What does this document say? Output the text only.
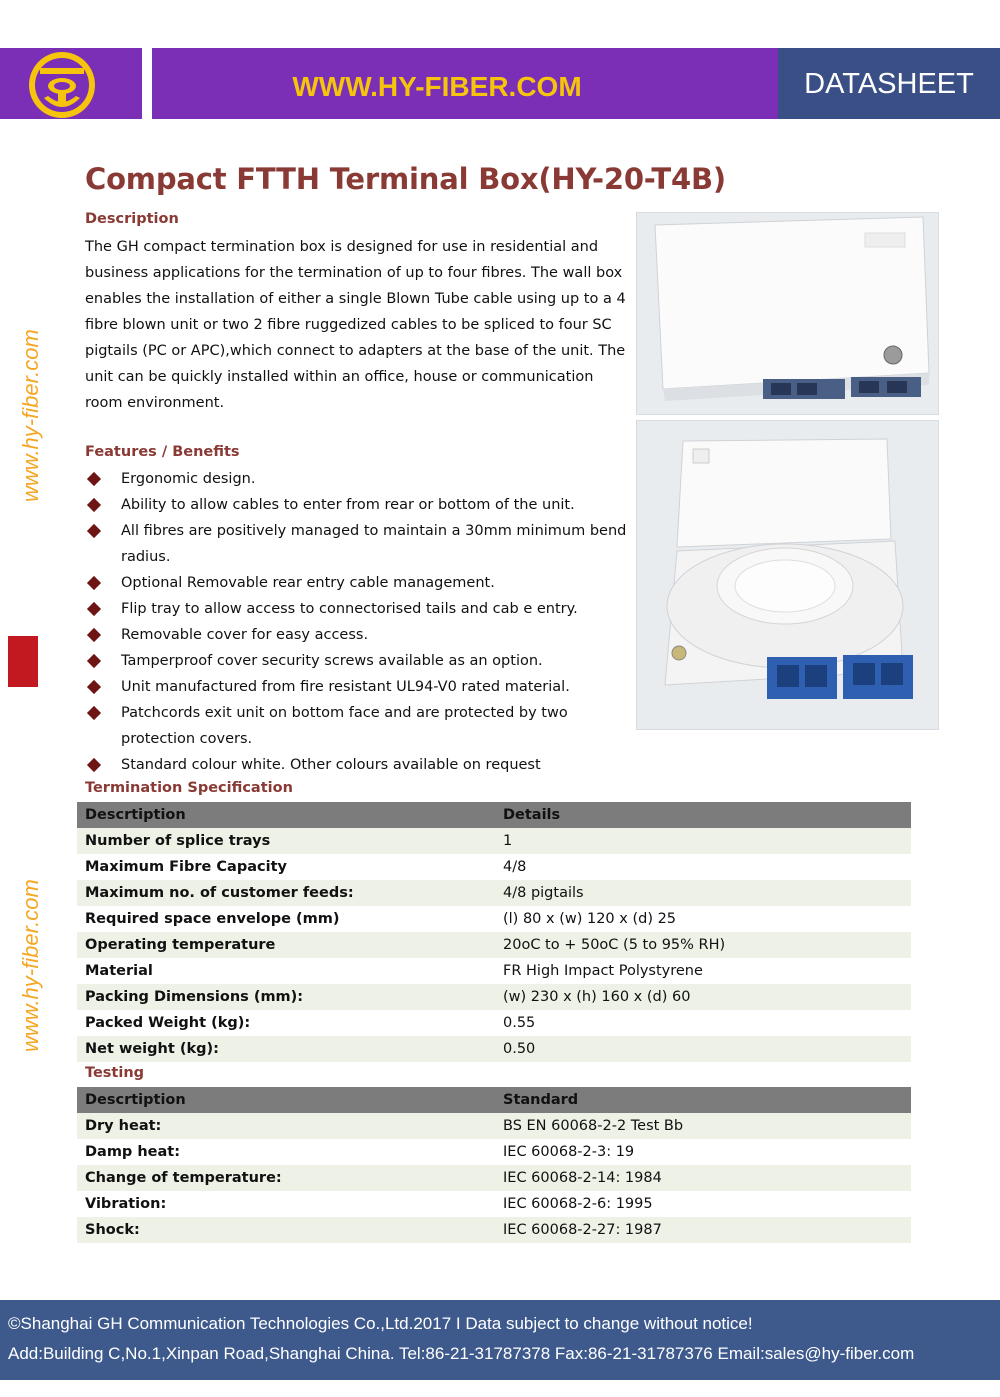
WWW.HY-FIBER.COM	DATASHEET
www.hy-fiber.com
www.hy-fiber.com
Compact FTTH Terminal Box(HY-20-T4B)
Description
The GH compact termination box is designed for use in residential and
business applications for the termination of up to four fibres. The wall box
enables the installation of either a single Blown Tube cable using up to a 4
fibre blown unit or two 2 fibre ruggedized cables to be spliced to four SC
pigtails (PC or APC),which connect to adapters at the base of the unit. The
unit can be quickly installed within an office, house or communication
room environment.
Features / Benefits
Ergonomic design.
Ability to allow cables to enter from rear or bottom of the unit.
All fibres are positively managed to maintain a 30mm minimum bend radius.
Optional Removable rear entry cable management.
Flip tray to allow access to connectorised tails and cab e entry.
Removable cover for easy access.
Tamperproof cover security screws available as an option.
Unit manufactured from fire resistant UL94-V0 rated material.
Patchcords exit unit on bottom face and are protected by two protection covers.
Standard colour white. Other colours available on request
Termination Specification
Descrtiption	Details
Number of splice trays	1
Maximum Fibre Capacity	4/8
Maximum no. of customer feeds:	4/8 pigtails
Required space envelope (mm)	(l) 80 x (w) 120 x (d) 25
Operating temperature	20oC to + 50oC (5 to 95% RH)
Material	FR High Impact Polystyrene
Packing Dimensions (mm):	(w) 230 x (h) 160 x (d) 60
Packed Weight (kg):	0.55
Net weight (kg):	0.50
Testing
Descrtiption	Standard
Dry heat:	BS EN 60068-2-2 Test Bb
Damp heat:	IEC 60068-2-3: 19
Change of temperature:	IEC 60068-2-14: 1984
Vibration:	IEC 60068-2-6: 1995
Shock:	IEC 60068-2-27: 1987
©Shanghai GH Communication Technologies Co.,Ltd.2017 I Data subject to change without notice!
Add:Building C,No.1,Xinpan Road,Shanghai China. Tel:86-21-31787378 Fax:86-21-31787376 Email:sales@hy-fiber.com
